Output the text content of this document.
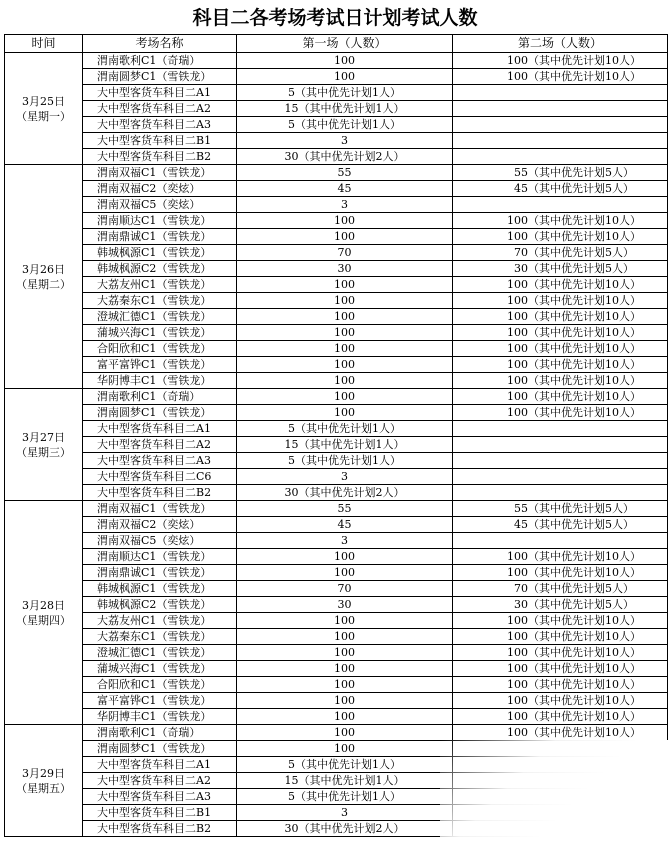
科目二各考场考试日计划考试人数
时间	考场名称	第一场（人数）	第二场（人数）

3月25日
（星期一）	渭南歌利C1（奇瑞）	100	100（其中优先计划10人）
	渭南圆梦C1（雪铁龙）	100	100（其中优先计划10人）
	大中型客货车科目二A1	5（其中优先计划1人）	
	大中型客货车科目二A2	15（其中优先计划1人）	
	大中型客货车科目二A3	5（其中优先计划1人）	
	大中型客货车科目二B1	3	
	大中型客货车科目二B2	30（其中优先计划2人）	

3月26日
（星期二）	渭南双福C1（雪铁龙）	55	55（其中优先计划5人）
	渭南双福C2（奕炫）	45	45（其中优先计划5人）
	渭南双福C5（奕炫）	3	
	渭南顺达C1（雪铁龙）	100	100（其中优先计划10人）
	渭南鼎诚C1（雪铁龙）	100	100（其中优先计划10人）
	韩城枫源C1（雪铁龙）	70	70（其中优先计划5人）
	韩城枫源C2（雪铁龙）	30	30（其中优先计划5人）
	大荔友州C1（雪铁龙）	100	100（其中优先计划10人）
	大荔秦东C1（雪铁龙）	100	100（其中优先计划10人）
	澄城汇德C1（雪铁龙）	100	100（其中优先计划10人）
	蒲城兴海C1（雪铁龙）	100	100（其中优先计划10人）
	合阳欣和C1（雪铁龙）	100	100（其中优先计划10人）
	富平富铧C1（雪铁龙）	100	100（其中优先计划10人）
	华阴博丰C1（雪铁龙）	100	100（其中优先计划10人）

3月27日
（星期三）	渭南歌利C1（奇瑞）	100	100（其中优先计划10人）
	渭南圆梦C1（雪铁龙）	100	100（其中优先计划10人）
	大中型客货车科目二A1	5（其中优先计划1人）	
	大中型客货车科目二A2	15（其中优先计划1人）	
	大中型客货车科目二A3	5（其中优先计划1人）	
	大中型客货车科目二C6	3	
	大中型客货车科目二B2	30（其中优先计划2人）	

3月28日
（星期四）	渭南双福C1（雪铁龙）	55	55（其中优先计划5人）
	渭南双福C2（奕炫）	45	45（其中优先计划5人）
	渭南双福C5（奕炫）	3	
	渭南顺达C1（雪铁龙）	100	100（其中优先计划10人）
	渭南鼎诚C1（雪铁龙）	100	100（其中优先计划10人）
	韩城枫源C1（雪铁龙）	70	70（其中优先计划5人）
	韩城枫源C2（雪铁龙）	30	30（其中优先计划5人）
	大荔友州C1（雪铁龙）	100	100（其中优先计划10人）
	大荔秦东C1（雪铁龙）	100	100（其中优先计划10人）
	澄城汇德C1（雪铁龙）	100	100（其中优先计划10人）
	蒲城兴海C1（雪铁龙）	100	100（其中优先计划10人）
	合阳欣和C1（雪铁龙）	100	100（其中优先计划10人）
	富平富铧C1（雪铁龙）	100	100（其中优先计划10人）
	华阴博丰C1（雪铁龙）	100	100（其中优先计划10人）

3月29日
（星期五）	渭南歌利C1（奇瑞）	100	100（其中优先计划10人）
	渭南圆梦C1（雪铁龙）	100	
	大中型客货车科目二A1	5（其中优先计划1人）	
	大中型客货车科目二A2	15（其中优先计划1人）	
	大中型客货车科目二A3	5（其中优先计划1人）	
	大中型客货车科目二B1	3	
	大中型客货车科目二B2	30（其中优先计划2人）	
